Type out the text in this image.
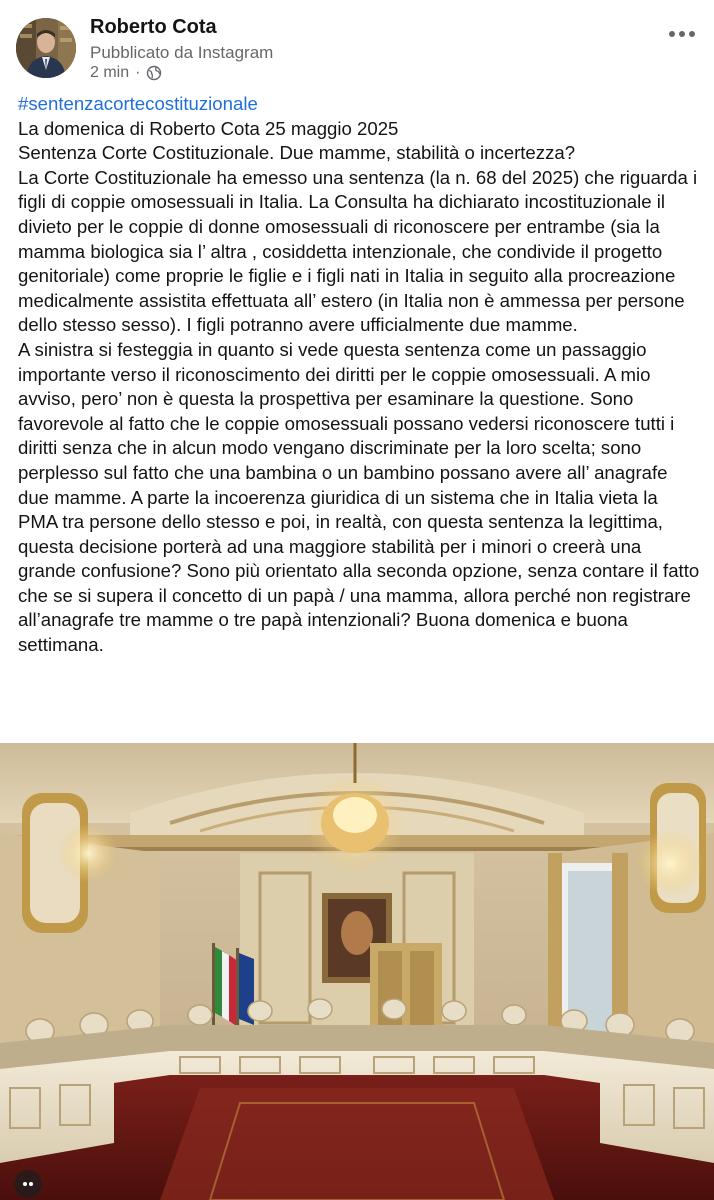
Roberto Cota
Pubblicato da Instagram
2 min ·
#sentenzacortecostituzionale

La domenica di Roberto Cota 25 maggio 2025
Sentenza Corte Costituzionale. Due mamme, stabilità o incertezza?
La Corte Costituzionale ha emesso una sentenza (la n. 68 del 2025) che riguarda i figli di coppie omosessuali in Italia. La Consulta ha dichiarato incostituzionale il divieto per le coppie di donne omosessuali di riconoscere per entrambe (sia la mamma biologica sia l’ altra , cosiddetta intenzionale, che condivide il progetto genitoriale) come proprie le figlie e i figli nati in Italia in seguito alla procreazione medicalmente assistita effettuata all’ estero (in Italia non è ammessa per persone dello stesso sesso). I figli potranno avere ufficialmente due mamme.

A sinistra si festeggia in quanto si vede questa sentenza come un passaggio importante verso il riconoscimento dei diritti per le coppie omosessuali. A mio avviso, pero’ non è questa la prospettiva per esaminare la questione. Sono favorevole al fatto che le coppie omosessuali possano vedersi riconoscere tutti i diritti senza che in alcun modo vengano discriminate per la loro scelta; sono perplesso sul fatto che una bambina o un bambino possano avere all’ anagrafe due mamme. A parte la incoerenza giuridica di un sistema che in Italia vieta la PMA tra persone dello stesso e poi, in realtà, con questa sentenza la legittima, questa decisione porterà ad una maggiore stabilità per i minori o creerà una grande confusione? Sono più orientato alla seconda opzione, senza contare il fatto che se si supera il concetto di un papà / una mamma, allora perché non registrare all’anagrafe tre mamme o tre papà intenzionali? Buona domenica e buona settimana.
